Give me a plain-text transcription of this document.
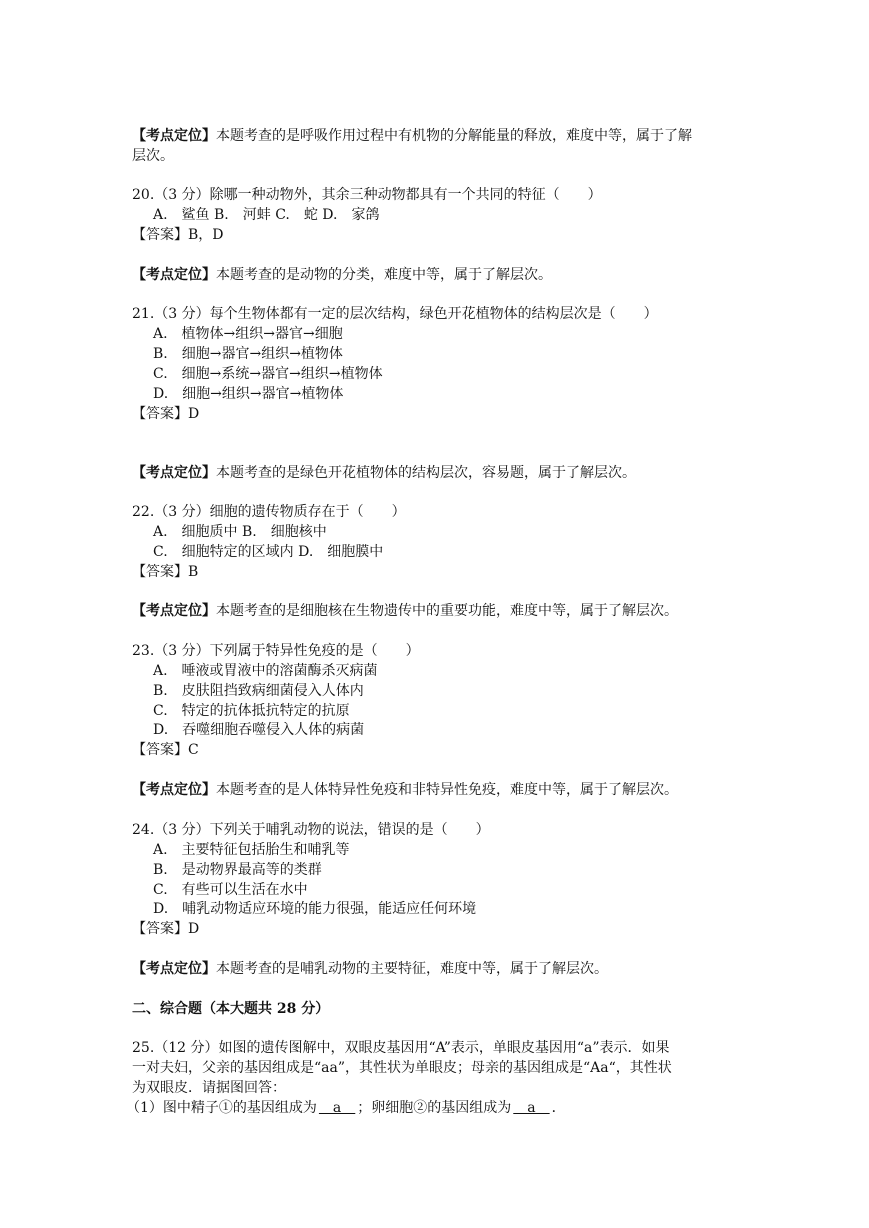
【考点定位】本题考查的是呼吸作用过程中有机物的分解能量的释放，难度中等，属于了解
层次。
20.（3 分）除哪一种动物外，其余三种动物都具有一个共同的特征（　　）
A.　鲨鱼 B.　河蚌 C.　蛇 D.　家鸽
【答案】B，D
【考点定位】本题考查的是动物的分类，难度中等，属于了解层次。
21.（3 分）每个生物体都有一定的层次结构，绿色开花植物体的结构层次是（　　）
A.　植物体→组织→器官→细胞
B.　细胞→器官→组织→植物体
C.　细胞→系统→器官→组织→植物体
D.　细胞→组织→器官→植物体
【答案】D
【考点定位】本题考查的是绿色开花植物体的结构层次，容易题，属于了解层次。
22.（3 分）细胞的遗传物质存在于（　　）
A.　细胞质中 B.　细胞核中
C.　细胞特定的区域内 D.　细胞膜中
【答案】B
【考点定位】本题考查的是细胞核在生物遗传中的重要功能，难度中等，属于了解层次。
23.（3 分）下列属于特异性免疫的是（　　）
A.　唾液或胃液中的溶菌酶杀灭病菌
B.　皮肤阻挡致病细菌侵入人体内
C.　特定的抗体抵抗特定的抗原
D.　吞噬细胞吞噬侵入人体的病菌
【答案】C
【考点定位】本题考查的是人体特异性免疫和非特异性免疫，难度中等，属于了解层次。
24.（3 分）下列关于哺乳动物的说法，错误的是（　　）
A.　主要特征包括胎生和哺乳等
B.　是动物界最高等的类群
C.　有些可以生活在水中
D.　哺乳动物适应环境的能力很强，能适应任何环境
【答案】D
【考点定位】本题考查的是哺乳动物的主要特征，难度中等，属于了解层次。
二、综合题（本大题共 28 分）
25.（12 分）如图的遗传图解中，双眼皮基因用“A”表示，单眼皮基因用“a”表示．如果
一对夫妇，父亲的基因组成是“aa”，其性状为单眼皮；母亲的基因组成是“Aa“，其性状
为双眼皮．请据图回答：
（1）图中精子①的基因组成为　a　；卵细胞②的基因组成为　a　．
